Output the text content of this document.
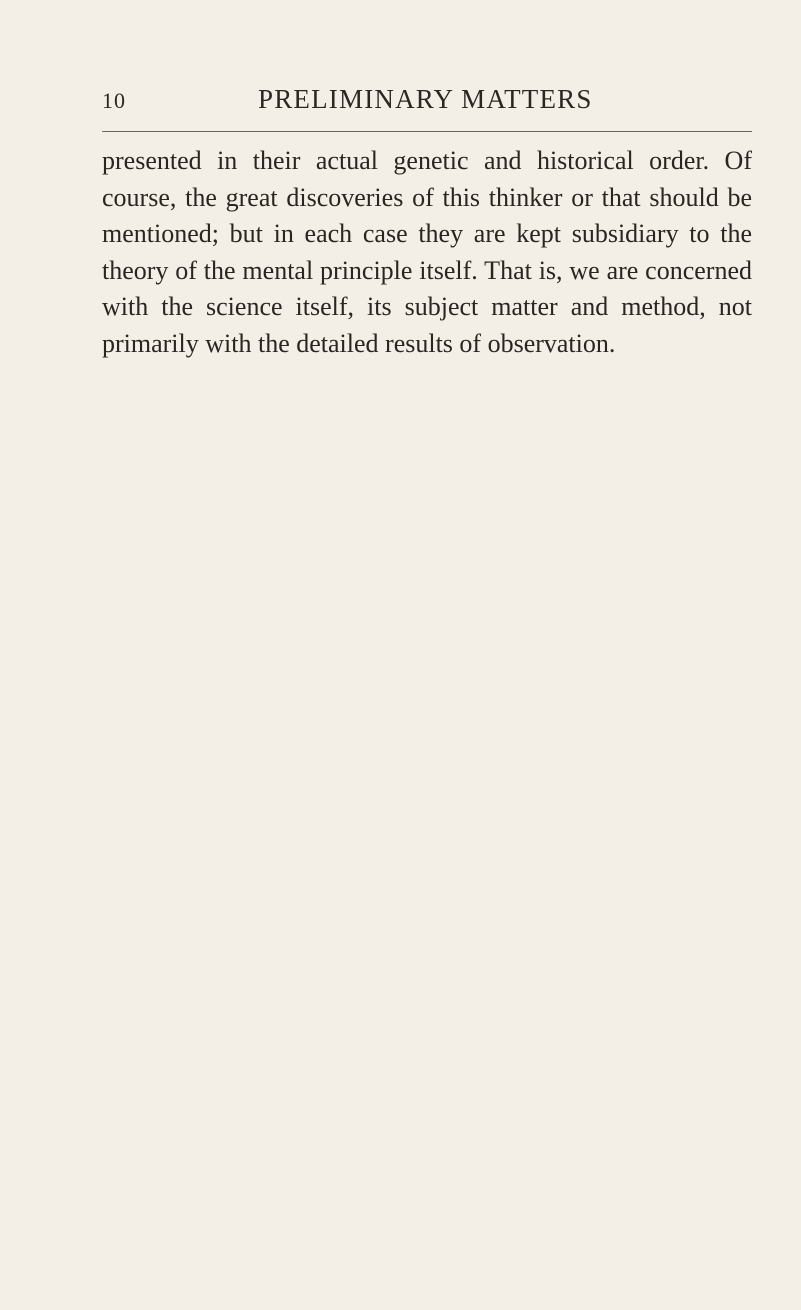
10	PRELIMINARY MATTERS

presented in their actual genetic and historical order. Of course, the great discoveries of this thinker or that should be mentioned; but in each case they are kept subsidiary to the theory of the mental principle itself. That is, we are concerned with the science itself, its subject matter and method, not primarily with the detailed results of observation.
